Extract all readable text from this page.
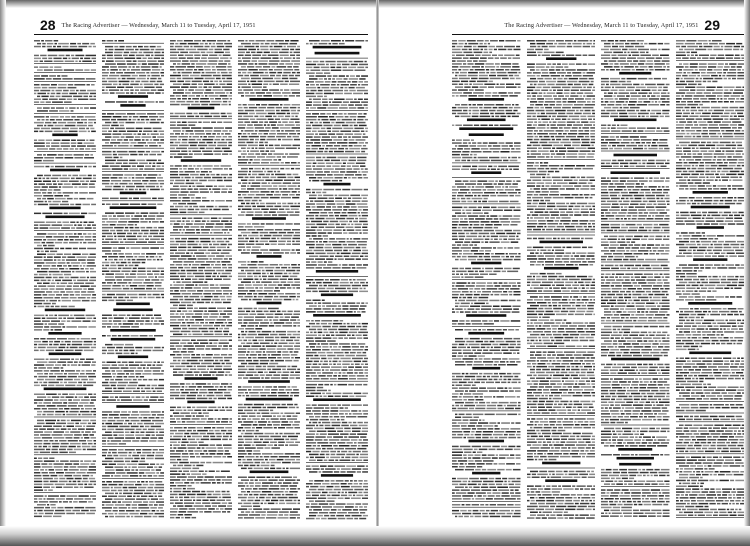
28 The Racing Advertiser — Wednesday, March 11 to Tuesday, April 17, 1951	The Racing Advertiser — Wednesday, March 11 to Tuesday, April 17, 1951 29
